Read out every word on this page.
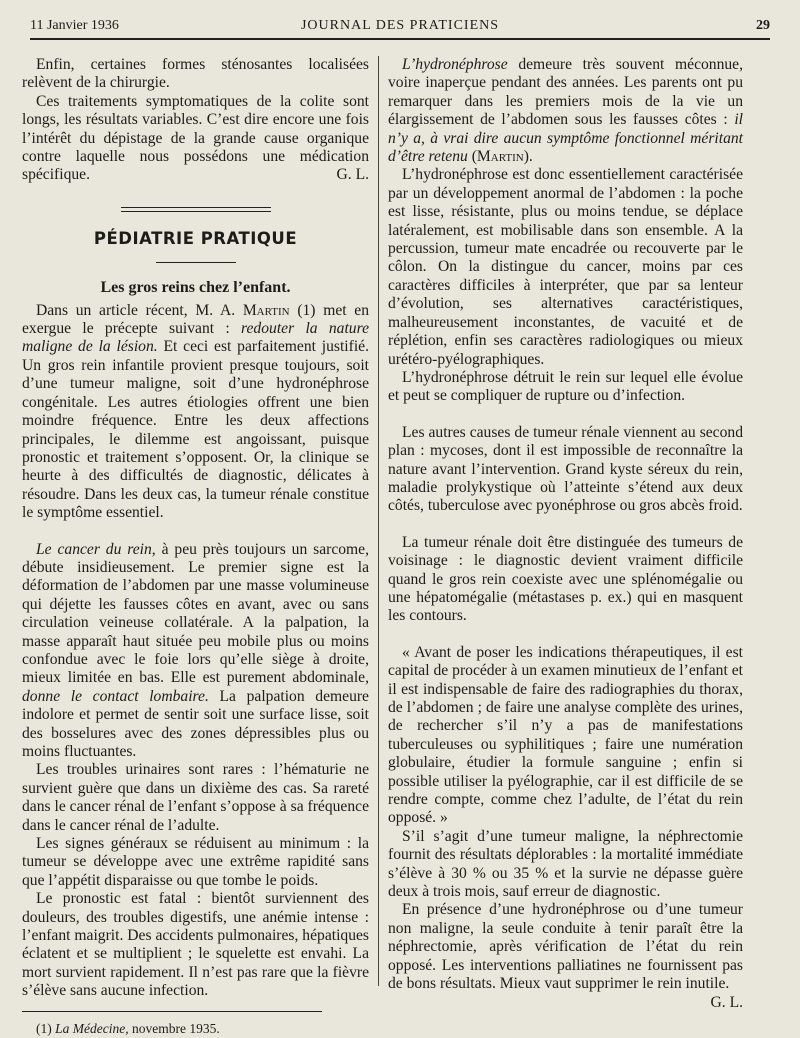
11 Janvier 1936	JOURNAL DES PRATICIENS	29

Enfin, certaines formes sténosantes localisées relèvent de la chirurgie.

Ces traitements symptomatiques de la colite sont longs, les résultats variables. C’est dire encore une fois l’intérêt du dépistage de la grande cause organique contre laquelle nous possédons une médication spécifique.	G. L.

PÉDIATRIE PRATIQUE
Les gros reins chez l’enfant.

Dans un article récent, M. A. Martin (1) met en exergue le précepte suivant : redouter la nature maligne de la lésion. Et ceci est parfaitement justifié. Un gros rein infantile provient presque toujours, soit d’une tumeur maligne, soit d’une hydronéphrose congénitale. Les autres étiologies offrent une bien moindre fréquence. Entre les deux affections principales, le dilemme est angoissant, puisque pronostic et traitement s’opposent. Or, la clinique se heurte à des difficultés de diagnostic, délicates à résoudre. Dans les deux cas, la tumeur rénale constitue le symptôme essentiel.

Le cancer du rein, à peu près toujours un sarcome, débute insidieusement. Le premier signe est la déformation de l’abdomen par une masse volumineuse qui déjette les fausses côtes en avant, avec ou sans circulation veineuse collatérale. A la palpation, la masse apparaît haut située peu mobile plus ou moins confondue avec le foie lors qu’elle siège à droite, mieux limitée en bas. Elle est purement abdominale, donne le contact lombaire. La palpation demeure indolore et permet de sentir soit une surface lisse, soit des bosselures avec des zones dépressibles plus ou moins fluctuantes.

Les troubles urinaires sont rares : l’hématurie ne survient guère que dans un dixième des cas. Sa rareté dans le cancer rénal de l’enfant s’oppose à sa fréquence dans le cancer rénal de l’adulte.

Les signes généraux se réduisent au minimum : la tumeur se développe avec une extrême rapidité sans que l’appétit disparaisse ou que tombe le poids.

Le pronostic est fatal : bientôt surviennent des douleurs, des troubles digestifs, une anémie intense : l’enfant maigrit. Des accidents pulmonaires, hépatiques éclatent et se multiplient ; le squelette est envahi. La mort survient rapidement. Il n’est pas rare que la fièvre s’élève sans aucune infection.

(1) La Médecine, novembre 1935.

L’hydronéphrose demeure très souvent méconnue, voire inaperçue pendant des années. Les parents ont pu remarquer dans les premiers mois de la vie un élargissement de l’abdomen sous les fausses côtes : il n’y a, à vrai dire aucun symptôme fonctionnel méritant d’être retenu (Martin).

L’hydronéphrose est donc essentiellement caractérisée par un développement anormal de l’abdomen : la poche est lisse, résistante, plus ou moins tendue, se déplace latéralement, est mobilisable dans son ensemble. A la percussion, tumeur mate encadrée ou recouverte par le côlon. On la distingue du cancer, moins par ces caractères difficiles à interpréter, que par sa lenteur d’évolution, ses alternatives caractéristiques, malheureusement inconstantes, de vacuité et de réplétion, enfin ses caractères radiologiques ou mieux urétéro-pyélographiques.

L’hydronéphrose détruit le rein sur lequel elle évolue et peut se compliquer de rupture ou d’infection.

Les autres causes de tumeur rénale viennent au second plan : mycoses, dont il est impossible de reconnaître la nature avant l’intervention. Grand kyste séreux du rein, maladie prolykystique où l’atteinte s’étend aux deux côtés, tuberculose avec pyonéphrose ou gros abcès froid.

La tumeur rénale doit être distinguée des tumeurs de voisinage : le diagnostic devient vraiment difficile quand le gros rein coexiste avec une splénomégalie ou une hépatomégalie (métastases p. ex.) qui en masquent les contours.

« Avant de poser les indications thérapeutiques, il est capital de procéder à un examen minutieux de l’enfant et il est indispensable de faire des radiographies du thorax, de l’abdomen ; de faire une analyse complète des urines, de rechercher s’il n’y a pas de manifestations tuberculeuses ou syphilitiques ; faire une numération globulaire, étudier la formule sanguine ; enfin si possible utiliser la pyélographie, car il est difficile de se rendre compte, comme chez l’adulte, de l’état du rein opposé. »

S’il s’agit d’une tumeur maligne, la néphrectomie fournit des résultats déplorables : la mortalité immédiate s’élève à 30 % ou 35 % et la survie ne dépasse guère deux à trois mois, sauf erreur de diagnostic.

En présence d’une hydronéphrose ou d’une tumeur non maligne, la seule conduite à tenir paraît être la néphrectomie, après vérification de l’état du rein opposé. Les interventions palliatines ne fournissent pas de bons résultats. Mieux vaut supprimer le rein inutile.
G. L.
